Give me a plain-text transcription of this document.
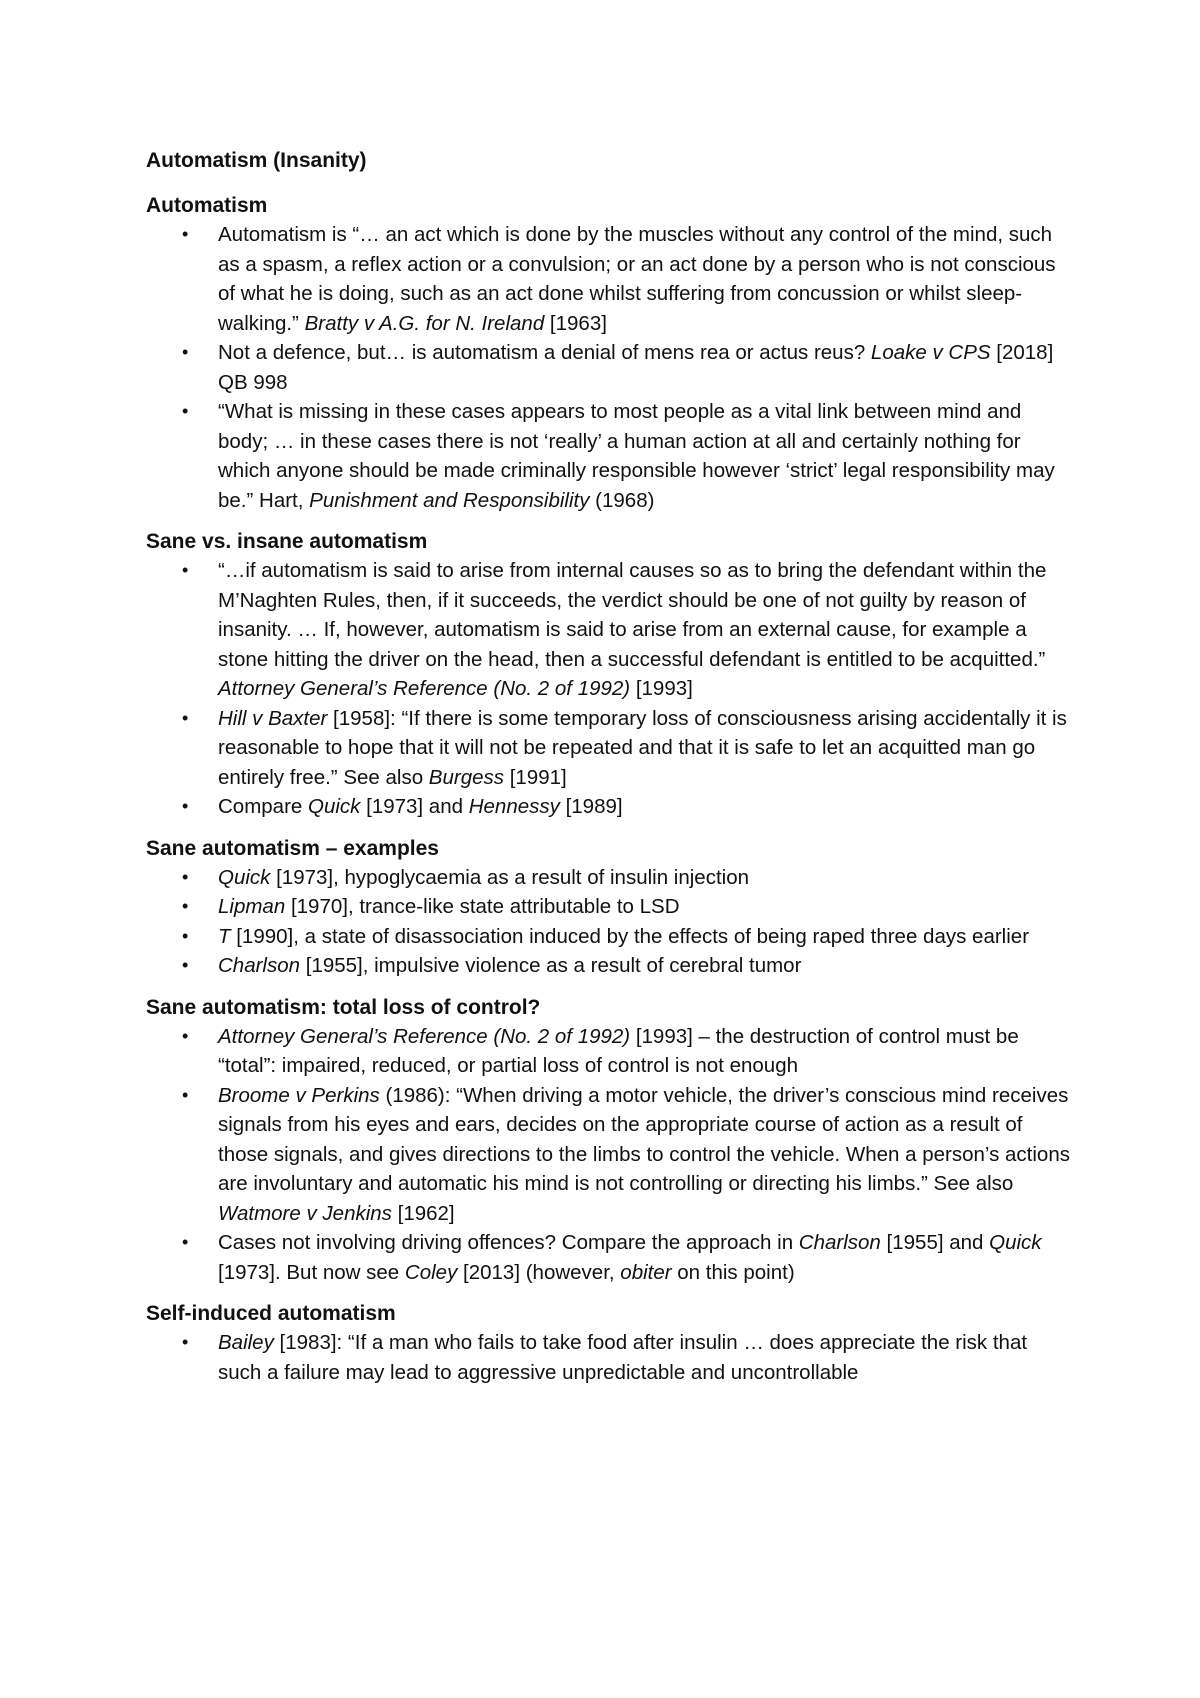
Automatism (Insanity)
Automatism
• Automatism is “… an act which is done by the muscles without any control of the mind, such as a spasm, a reflex action or a convulsion; or an act done by a person who is not conscious of what he is doing, such as an act done whilst suffering from concussion or whilst sleep-walking.” Bratty v A.G. for N. Ireland [1963]
• Not a defence, but… is automatism a denial of mens rea or actus reus? Loake v CPS [2018] QB 998
• “What is missing in these cases appears to most people as a vital link between mind and body; … in these cases there is not ‘really’ a human action at all and certainly nothing for which anyone should be made criminally responsible however ‘strict’ legal responsibility may be.” Hart, Punishment and Responsibility (1968)
Sane vs. insane automatism
• “…if automatism is said to arise from internal causes so as to bring the defendant within the M’Naghten Rules, then, if it succeeds, the verdict should be one of not guilty by reason of insanity. … If, however, automatism is said to arise from an external cause, for example a stone hitting the driver on the head, then a successful defendant is entitled to be acquitted.” Attorney General’s Reference (No. 2 of 1992) [1993]
• Hill v Baxter [1958]: “If there is some temporary loss of consciousness arising accidentally it is reasonable to hope that it will not be repeated and that it is safe to let an acquitted man go entirely free.” See also Burgess [1991]
• Compare Quick [1973] and Hennessy [1989]
Sane automatism – examples
• Quick [1973], hypoglycaemia as a result of insulin injection
• Lipman [1970], trance-like state attributable to LSD
• T [1990], a state of disassociation induced by the effects of being raped three days earlier
• Charlson [1955], impulsive violence as a result of cerebral tumor
Sane automatism: total loss of control?
• Attorney General’s Reference (No. 2 of 1992) [1993] – the destruction of control must be “total”: impaired, reduced, or partial loss of control is not enough
• Broome v Perkins (1986): “When driving a motor vehicle, the driver’s conscious mind receives signals from his eyes and ears, decides on the appropriate course of action as a result of those signals, and gives directions to the limbs to control the vehicle. When a person’s actions are involuntary and automatic his mind is not controlling or directing his limbs.” See also Watmore v Jenkins [1962]
• Cases not involving driving offences? Compare the approach in Charlson [1955] and Quick [1973]. But now see Coley [2013] (however, obiter on this point)
Self-induced automatism
• Bailey [1983]: “If a man who fails to take food after insulin … does appreciate the risk that such a failure may lead to aggressive unpredictable and uncontrollable
